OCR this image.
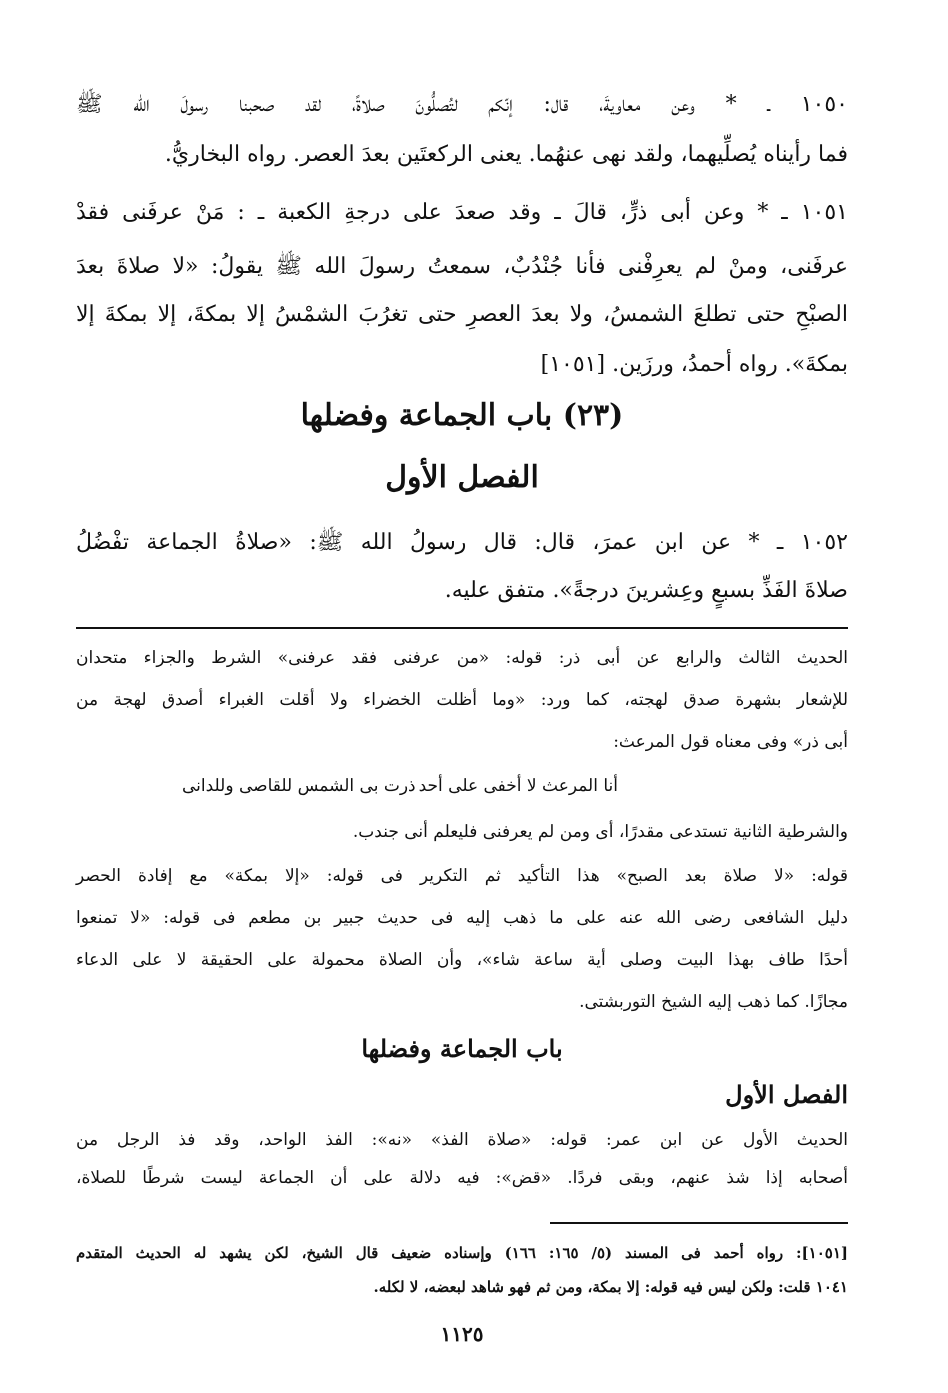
١٠٥٠ ـ * وعن معاويةَ، قال: إنّكم لتُصلُّونَ صلاةً، لقد صحبنا رسولَ الله ﷺ
فما رأيناه يُصلِّيهما، ولقد نهى عنهُما. يعنى الركعتَين بعدَ العصر. رواه البخاريُّ.
١٠٥١ ـ * وعن أبى ذرٍّ، قالَ ـ وقد صعدَ على درجةِ الكعبة ـ : مَنْ عرفَنى فقدْ
عرفَنى، ومنْ لم يعرِفْنى فأنا جُنْدُبٌ، سمعتُ رسولَ الله ﷺ يقولُ: «لا صلاةَ بعدَ
الصبْحِ حتى تطلعَ الشمسُ، ولا بعدَ العصرِ حتى تغرُبَ الشمْسُ إلا بمكةَ، إلا بمكةَ إلا
بمكةَ». رواه أحمدُ، ورزَين. [١٠٥١]
(٢٣) باب الجماعة وفضلها
الفصل الأول
١٠٥٢ ـ * عن ابن عمرَ، قال: قال رسولُ الله ﷺ: «صلاةُ الجماعة تفْضُلُ
صلاةَ الفَذِّ بسبعٍ وعِشرينَ درجةً». متفق عليه.
الحديث الثالث والرابع عن أبى ذر: قوله: «من عرفنى فقد عرفنى» الشرط والجزاء متحدان
للإشعار بشهرة صدق لهجته، كما ورد: «وما أظلت الخضراء ولا أقلت الغبراء أصدق لهجة من
أبى ذر» وفى معناه قول المرعث:
أنا المرعث لا أخفى على أحد
ذرت بى الشمس للقاصى وللدانى
والشرطية الثانية تستدعى مقدرًا، أى ومن لم يعرفنى فليعلم أنى جندب.
قوله: «لا صلاة بعد الصبح» هذا التأكيد ثم التكرير فى قوله: «إلا بمكة» مع إفادة الحصر
دليل الشافعى رضى الله عنه على ما ذهب إليه فى حديث جبير بن مطعم فى قوله: «لا تمنعوا
أحدًا طاف بهذا البيت وصلى أية ساعة شاء»، وأن الصلاة محمولة على الحقيقة لا على الدعاء
مجازًا. كما ذهب إليه الشيخ التوربشتى.
باب الجماعة وفضلها
الفصل الأول
الحديث الأول عن ابن عمر: قوله: «صلاة الفذ» «نه»: الفذ الواحد، وقد فذ الرجل من
أصحابه إذا شذ عنهم، وبقى فردًا. «قض»: فيه دلالة على أن الجماعة ليست شرطًا للصلاة،
[١٠٥١]: رواه أحمد فى المسند (٥/ ١٦٥: ١٦٦) وإسناده ضعيف قال الشيخ، لكن يشهد له الحديث المتقدم
١٠٤١ قلت: ولكن ليس فيه قوله: إلا بمكة، ومن ثم فهو شاهد لبعضه، لا لكله.
١١٢٥
